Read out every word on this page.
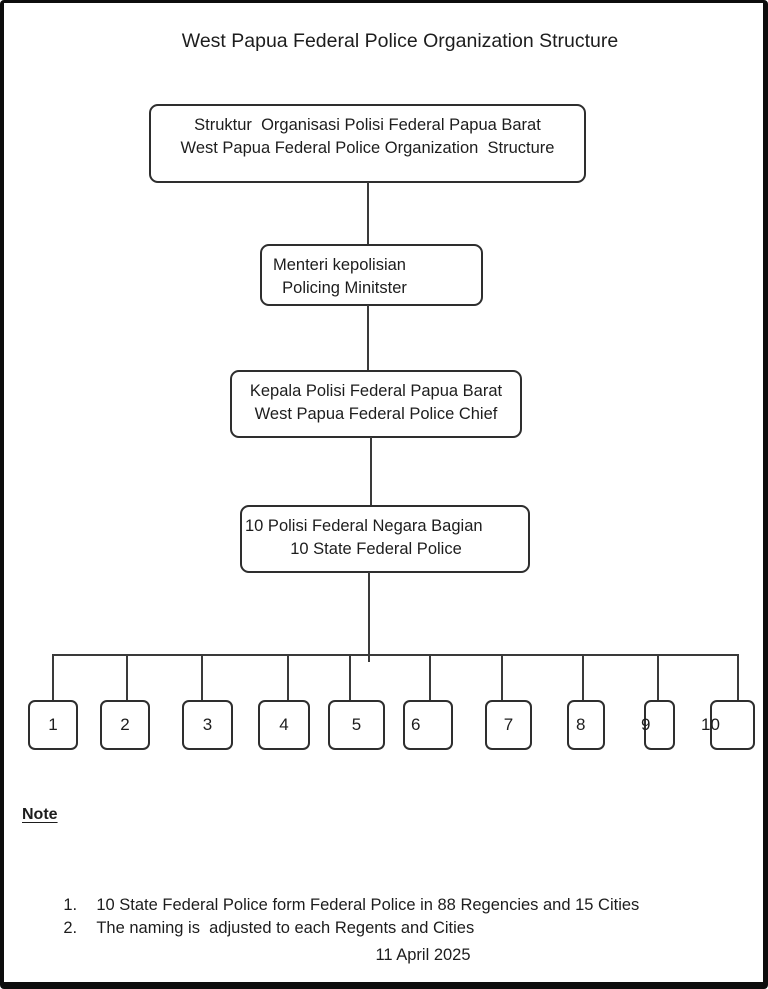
West Papua Federal Police Organization Structure
Struktur  Organisasi Polisi Federal Papua Barat
West Papua Federal Police Organization  Structure
Menteri kepolisian
Policing Minitster
Kepala Polisi Federal Papua Barat
West Papua Federal Police Chief
10 Polisi Federal Negara Bagian
10 State Federal Police
1	2	3	4	5	6	7	8	9	10
Note

1. 10 State Federal Police form Federal Police in 88 Regencies and 15 Cities

2. The naming is  adjusted to each Regents and Cities

11 April 2025
